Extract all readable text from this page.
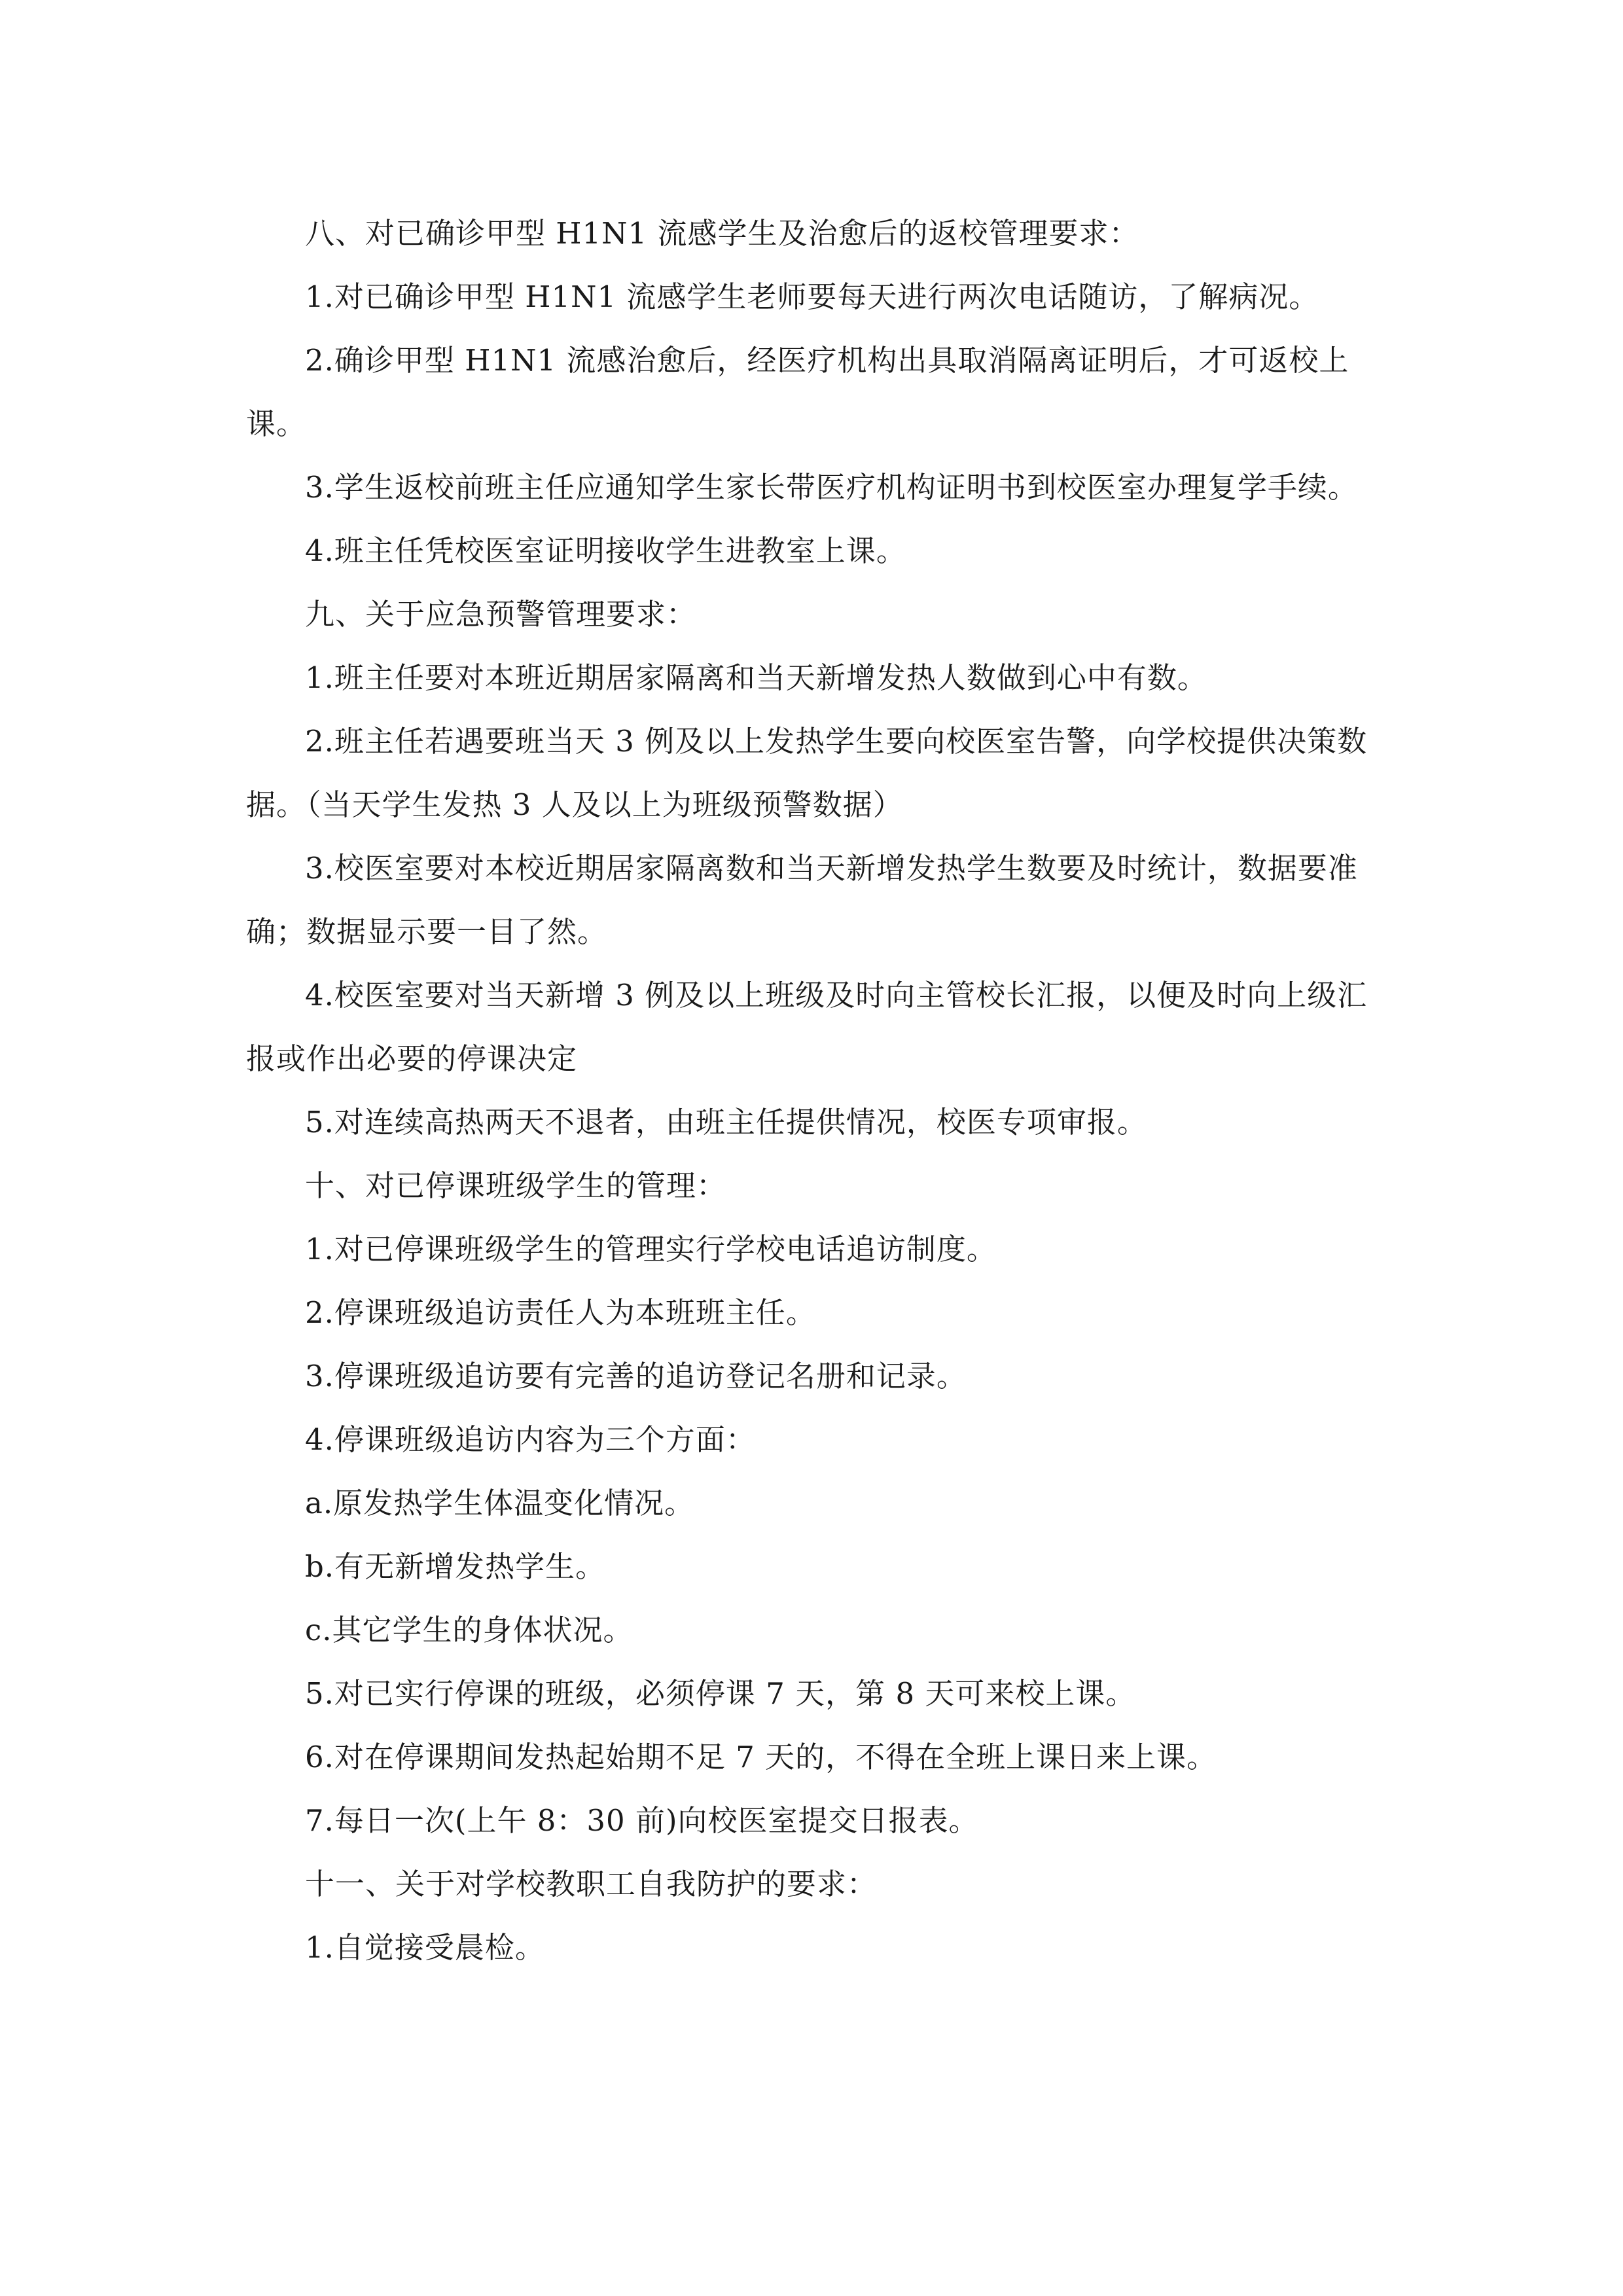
八、对已确诊甲型 H1N1 流感学生及治愈后的返校管理要求：

1.对已确诊甲型 H1N1 流感学生老师要每天进行两次电话随访，了解病况。

2.确诊甲型 H1N1 流感治愈后，经医疗机构出具取消隔离证明后，才可返校上课。

3.学生返校前班主任应通知学生家长带医疗机构证明书到校医室办理复学手续。

4.班主任凭校医室证明接收学生进教室上课。

九、关于应急预警管理要求：

1.班主任要对本班近期居家隔离和当天新增发热人数做到心中有数。

2.班主任若遇要班当天 3 例及以上发热学生要向校医室告警，向学校提供决策数据。（当天学生发热 3 人及以上为班级预警数据）

3.校医室要对本校近期居家隔离数和当天新增发热学生数要及时统计，数据要准确；数据显示要一目了然。

4.校医室要对当天新增 3 例及以上班级及时向主管校长汇报，以便及时向上级汇报或作出必要的停课决定

5.对连续高热两天不退者，由班主任提供情况，校医专项审报。

十、对已停课班级学生的管理：

1.对已停课班级学生的管理实行学校电话追访制度。

2.停课班级追访责任人为本班班主任。

3.停课班级追访要有完善的追访登记名册和记录。

4.停课班级追访内容为三个方面：

a.原发热学生体温变化情况。

b.有无新增发热学生。

c.其它学生的身体状况。

5.对已实行停课的班级，必须停课 7 天，第 8 天可来校上课。

6.对在停课期间发热起始期不足 7 天的，不得在全班上课日来上课。

7.每日一次(上午 8：30 前)向校医室提交日报表。

十一、关于对学校教职工自我防护的要求：

1.自觉接受晨检。
